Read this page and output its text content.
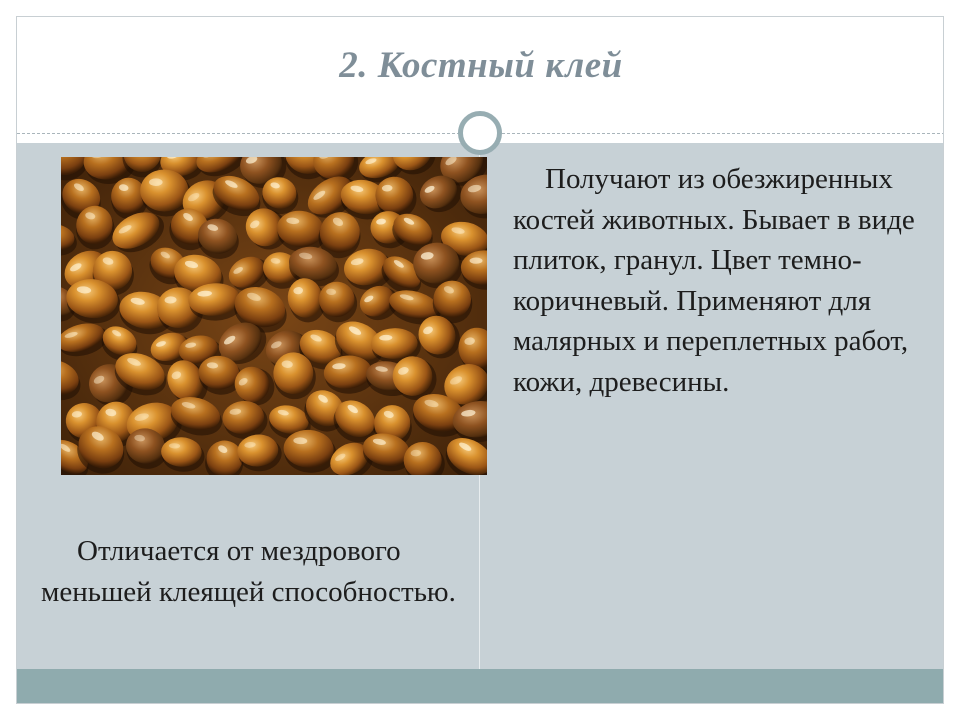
2. Костный клей
Получают из обезжиренных костей животных. Бывает в виде плиток, гранул. Цвет темно-коричневый. Применяют для малярных и переплетных работ, кожи, древесины.
Отличается от мездрового меньшей клеящей способностью.
